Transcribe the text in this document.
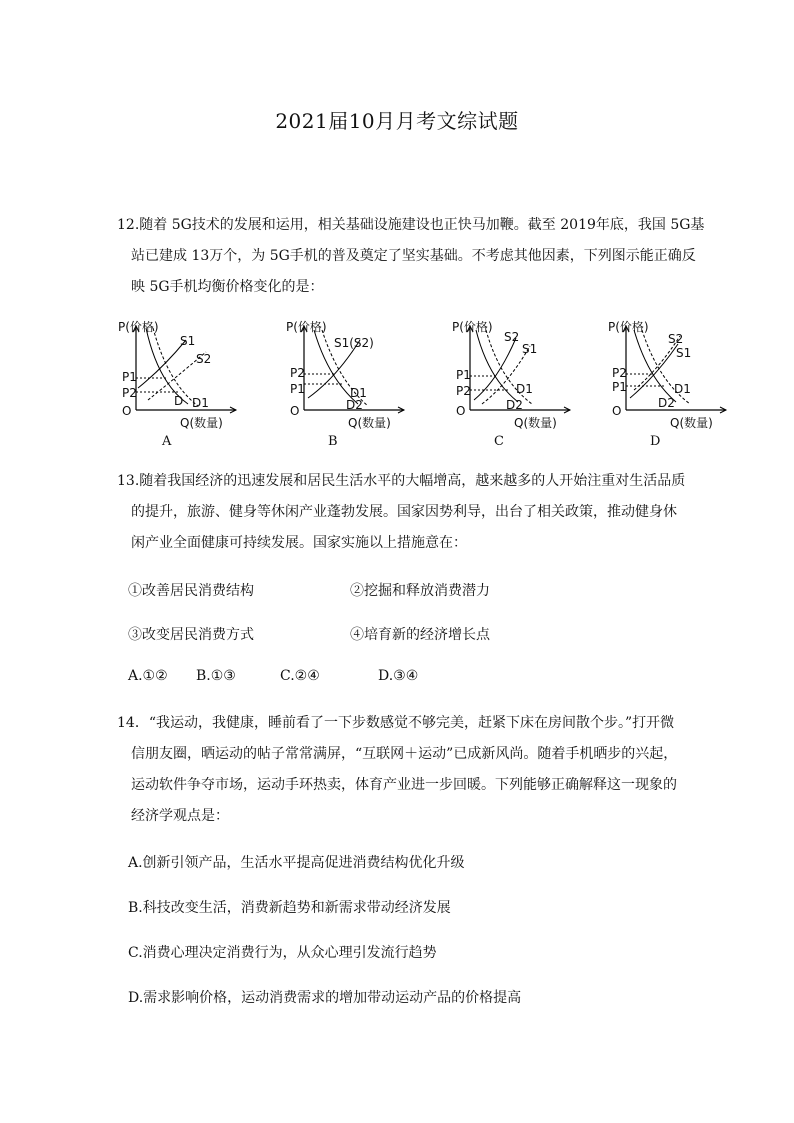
2021届10月月考文综试题
12.随着 5G技术的发展和运用，相关基础设施建设也正快马加鞭。截至 2019年底，我国 5G基
站已建成 13万个，为 5G手机的普及奠定了坚实基础。不考虑其他因素，下列图示能正确反
映 5G手机均衡价格变化的是：
P(价格)
S1
S2
P1
P2
D D1
O
Q(数量)
A
P(价格)
S1(S2)
P2
P1	D1
D2
O
Q(数量)
B
P(价格)
S2
S1
P1
P2	D1
D2
O
Q(数量)
C
P(价格)
S2
S1
P2
P1	D1
D2
O
Q(数量)
D
13.随着我国经济的迅速发展和居民生活水平的大幅增高，越来越多的人开始注重对生活品质
的提升，旅游、健身等休闲产业蓬勃发展。国家因势利导，出台了相关政策，推动健身休
闲产业全面健康可持续发展。国家实施以上措施意在：
①改善居民消费结构	②挖掘和释放消费潜力
③改变居民消费方式	④培育新的经济增长点
A.①② B.①③	C.②④	D.③④
14．“我运动，我健康，睡前看了一下步数感觉不够完美，赶紧下床在房间散个步。”打开微
信朋友圈，晒运动的帖子常常满屏，“互联网＋运动”已成新风尚。随着手机晒步的兴起，
运动软件争夺市场，运动手环热卖，体育产业进一步回暖。下列能够正确解释这一现象的
经济学观点是：
A.创新引领产品，生活水平提高促进消费结构优化升级
B.科技改变生活，消费新趋势和新需求带动经济发展
C.消费心理决定消费行为，从众心理引发流行趋势
D.需求影响价格，运动消费需求的增加带动运动产品的价格提高
